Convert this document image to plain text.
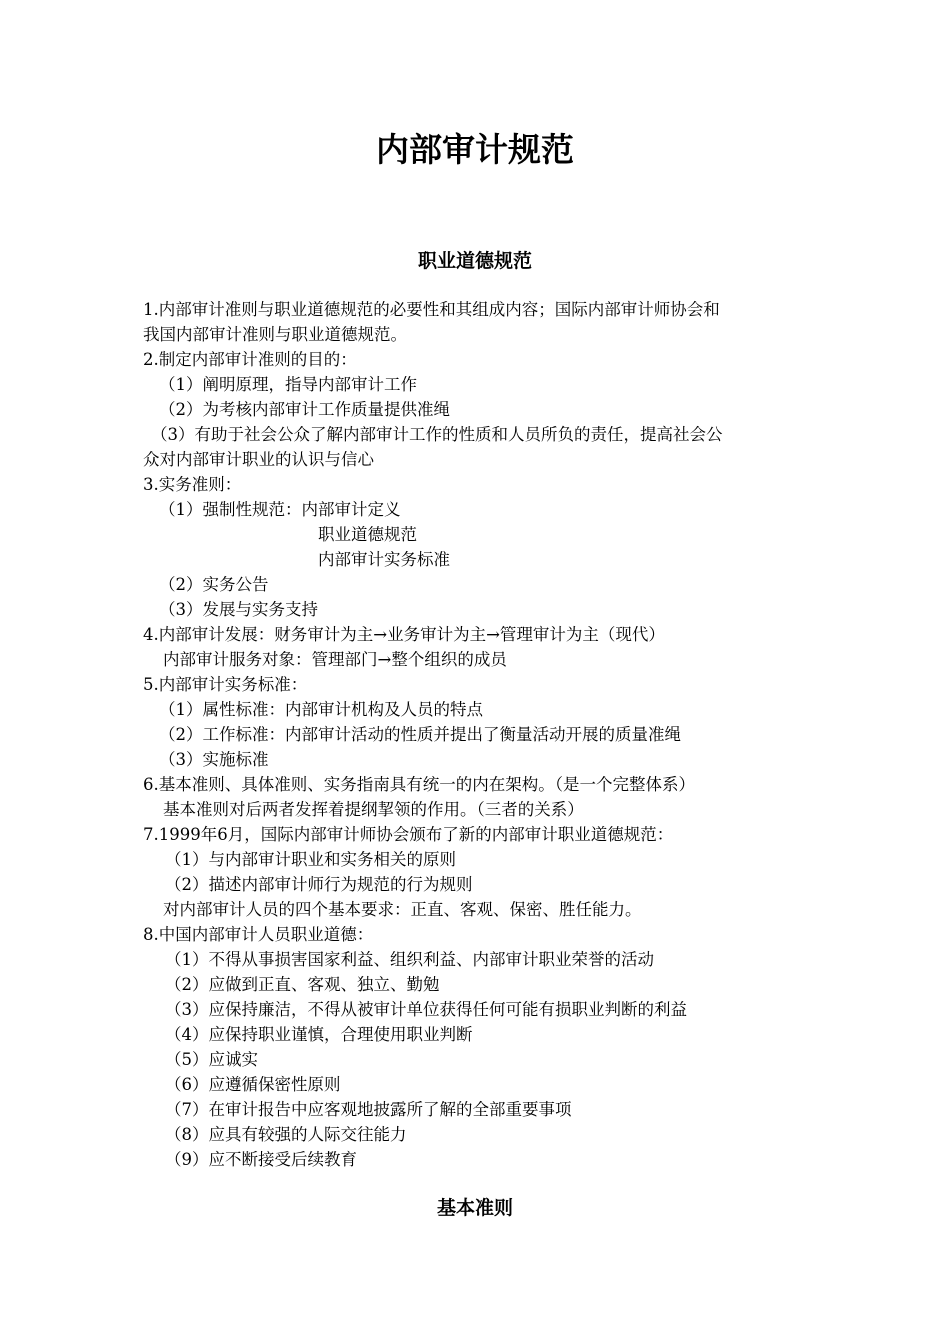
内部审计规范
职业道德规范
1.内部审计准则与职业道德规范的必要性和其组成内容；国际内部审计师协会和
我国内部审计准则与职业道德规范。
2.制定内部审计准则的目的：
（1）阐明原理，指导内部审计工作
（2）为考核内部审计工作质量提供准绳
（3）有助于社会公众了解内部审计工作的性质和人员所负的责任，提高社会公
众对内部审计职业的认识与信心
3.实务准则：
（1）强制性规范：内部审计定义
职业道德规范
内部审计实务标准
（2）实务公告
（3）发展与实务支持
4.内部审计发展：财务审计为主→业务审计为主→管理审计为主（现代）
内部审计服务对象：管理部门→整个组织的成员
5.内部审计实务标准：
（1）属性标准：内部审计机构及人员的特点
（2）工作标准：内部审计活动的性质并提出了衡量活动开展的质量准绳
（3）实施标准
6.基本准则、具体准则、实务指南具有统一的内在架构。（是一个完整体系）
基本准则对后两者发挥着提纲挈领的作用。（三者的关系）
7.1999年6月，国际内部审计师协会颁布了新的内部审计职业道德规范：
（1）与内部审计职业和实务相关的原则
（2）描述内部审计师行为规范的行为规则
对内部审计人员的四个基本要求：正直、客观、保密、胜任能力。
8.中国内部审计人员职业道德：
（1）不得从事损害国家利益、组织利益、内部审计职业荣誉的活动
（2）应做到正直、客观、独立、勤勉
（3）应保持廉洁，不得从被审计单位获得任何可能有损职业判断的利益
（4）应保持职业谨慎，合理使用职业判断
（5）应诚实
（6）应遵循保密性原则
（7）在审计报告中应客观地披露所了解的全部重要事项
（8）应具有较强的人际交往能力
（9）应不断接受后续教育
基本准则
